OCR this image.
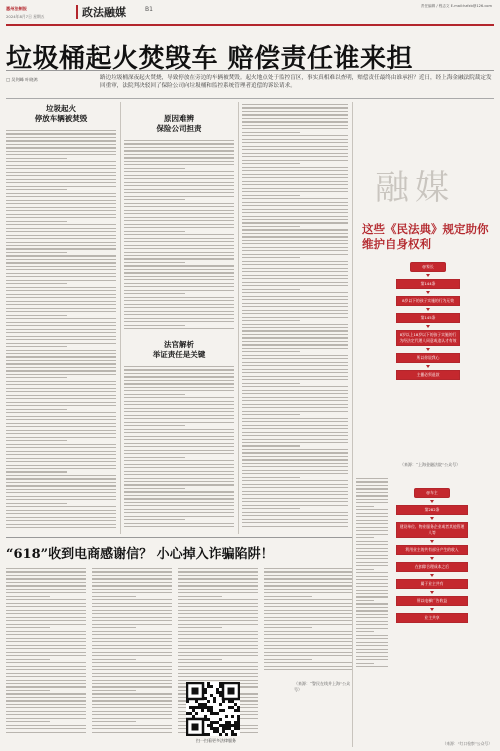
惠州法制报
2024年8月7日 星期五	政法融媒	B1	责任编辑 / 程志文 E-mail:hzfzb@126.com
垃圾桶起火焚毁车 赔偿责任谁来担
□ 吴剑峰 叶晓鸿	路边垃圾桶深夜起火焚烧，导致停放在旁边的车辆被焚毁。起火地点处于监控盲区，事实真相难以查明，赔偿责任最终由谁承担？近日，经上海金融法院裁定发回重审，法院判决驳回了保险公司向垃圾桶和监控系统管理者追偿的诉讼请求。
垃圾起火
停放车辆被焚毁	原因难辨
保险公司担责
法官解析
举证责任是关键
“618”收到电商感谢信？ 小心掉入诈骗陷阱！
（来源：“警民在线并上海”公众号）
扫一扫看更多法律服务
融媒
这些《民法典》规定助你维护自身权利
@家长
第144条
8岁以下的孩子实施的行为无效
第145条
8岁以上18岁以下的孩子实施的行为经法定代理人同意或追认才有效
所以你说我心
主播必须退款
（来源：“上海金融法院”公众号）
@车主
第282条
建设单位、物业服务企业或者其他管理人等
利用业主的共有部分产生的收入
在扣除合理成本之后
属于业主共有
所以电梯广告收益
业主共享
（来源：“红口检察”公众号）
